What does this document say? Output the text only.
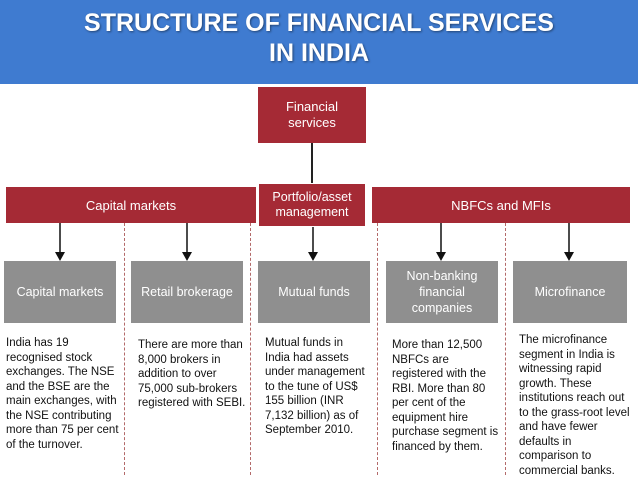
STRUCTURE OF FINANCIAL SERVICES
IN INDIA
Financial services
Capital markets	NBFCs and MFIs
Portfolio/asset management
Capital markets	Retail brokerage	Mutual funds
Non-banking financial companies
Microfinance
India has 19 recognised stock exchanges. The NSE and the BSE are the main exchanges, with the NSE contributing more than 75 per cent of the turnover.
There are more than 8,000 brokers in addition to over 75,000 sub-brokers registered with SEBI.
Mutual funds in India had assets under management to the tune of US$ 155 billion (INR 7,132 billion) as of September 2010.
More than 12,500 NBFCs are registered with the RBI. More than 80 per cent of the equipment hire purchase segment is financed by them.
The microfinance segment in India is witnessing rapid growth. These institutions reach out to the grass-root level and have fewer defaults in comparison to commercial banks.
